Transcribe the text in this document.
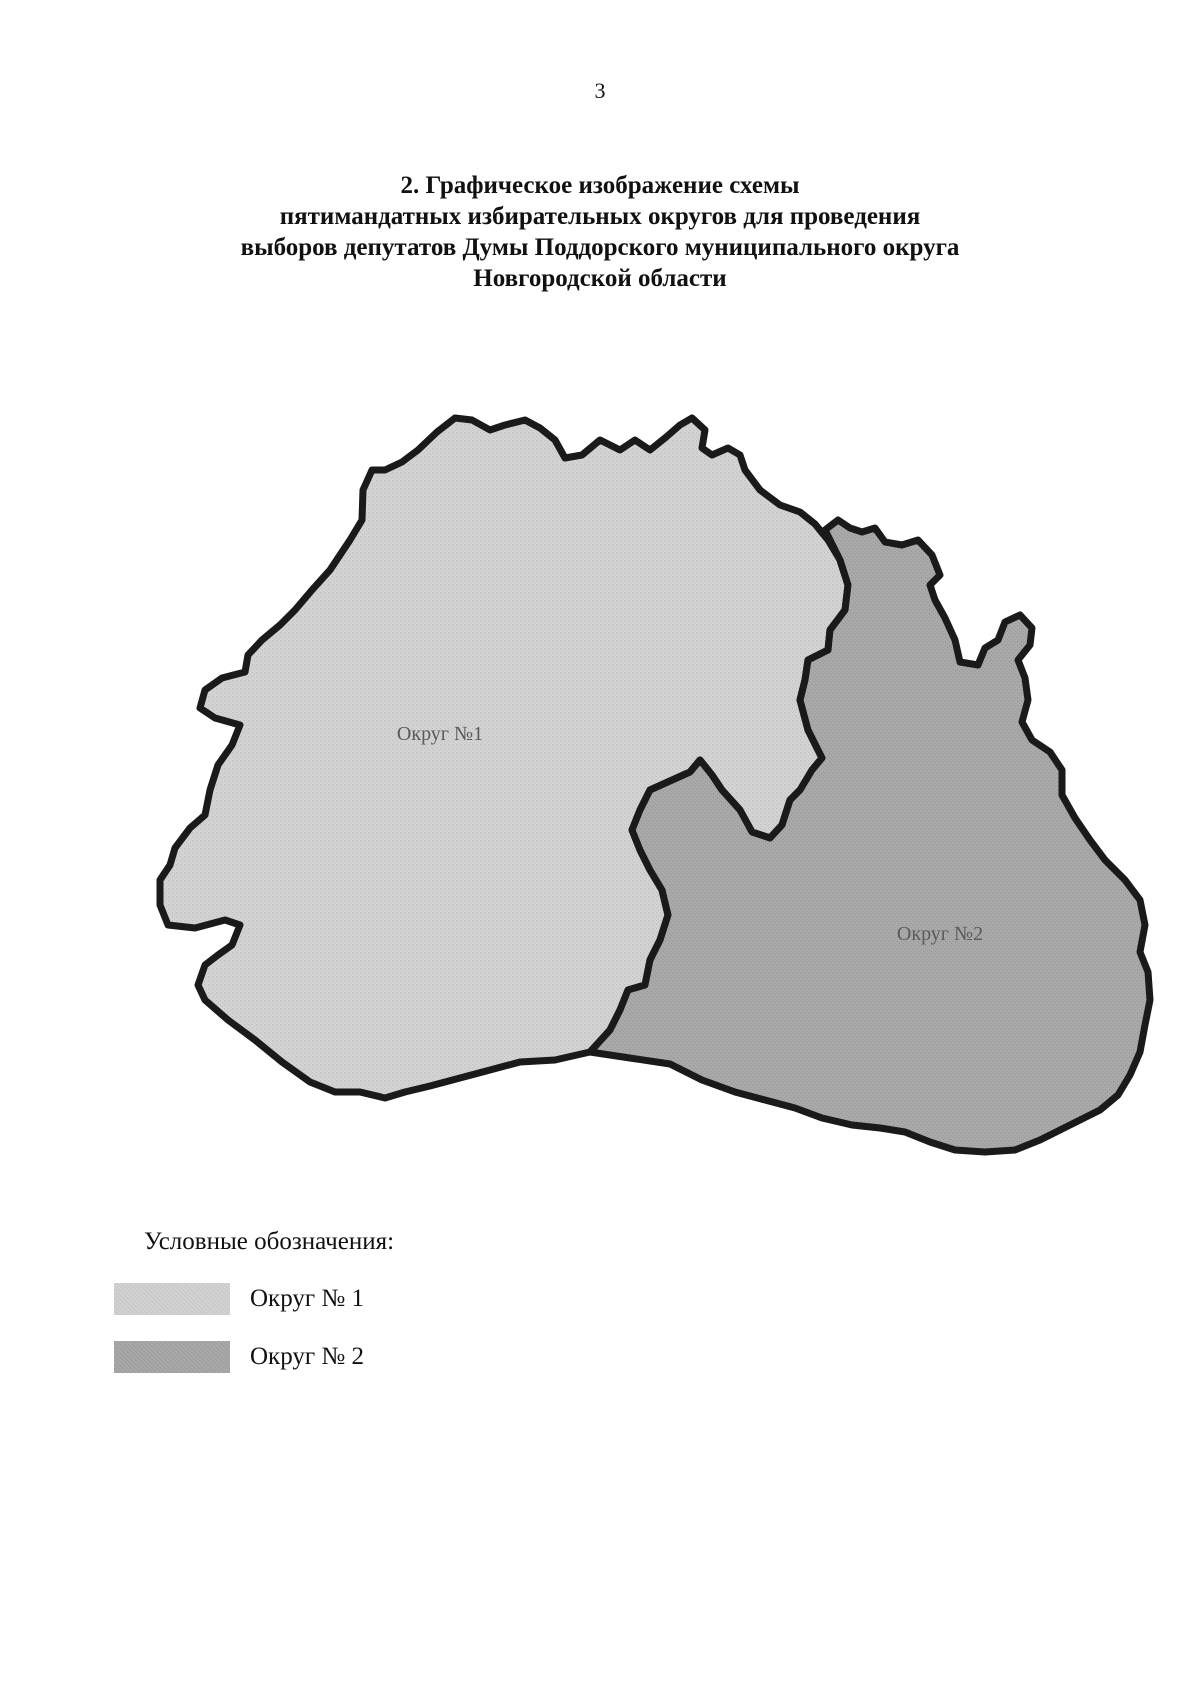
3
2. Графическое изображение схемы
пятимандатных избирательных округов для проведения
выборов депутатов Думы Поддорского муниципального округа
Новгородской области
Округ №1
Округ №2
Условные обозначения:
Округ № 1
Округ № 2
